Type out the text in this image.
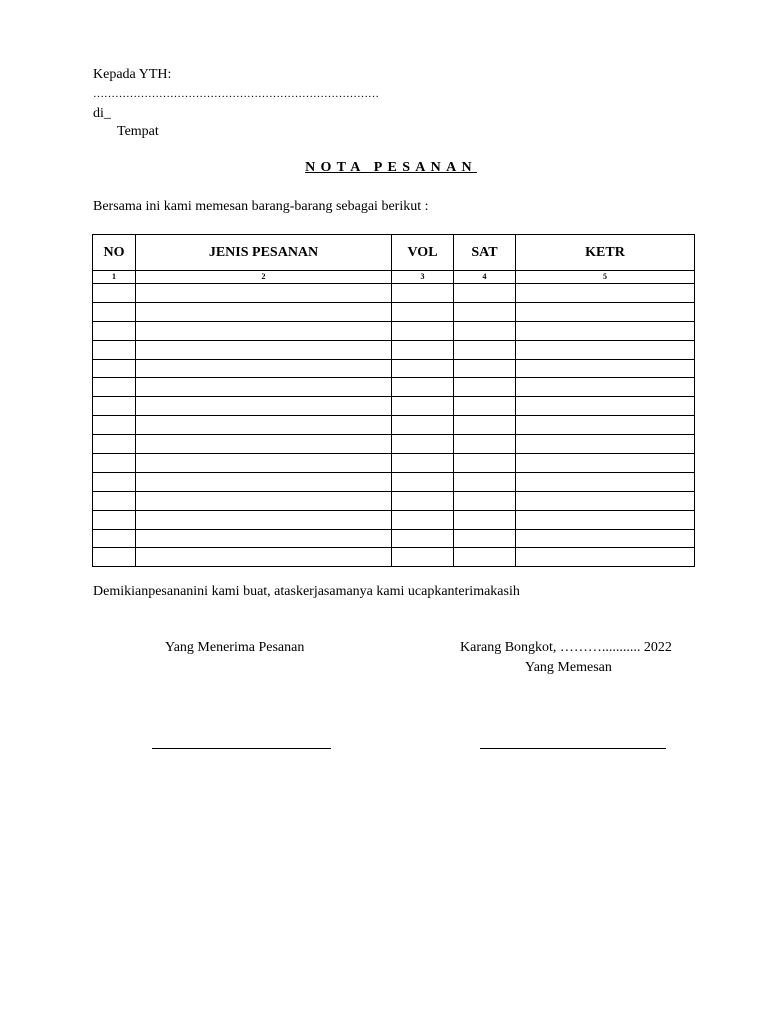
Kepada YTH:
……………………………………………………………………
di_
Tempat
NOTA PESANAN
Bersama ini kami memesan barang-barang sebagai berikut :
NO	JENIS PESANAN	VOL	SAT	KETR
1	2	3	4	5

Demikianpesananini kami buat, ataskerjasamanya kami ucapkanterimakasih
Yang Menerima Pesanan	Karang Bongkot, ………........... 2022
Yang Memesan
